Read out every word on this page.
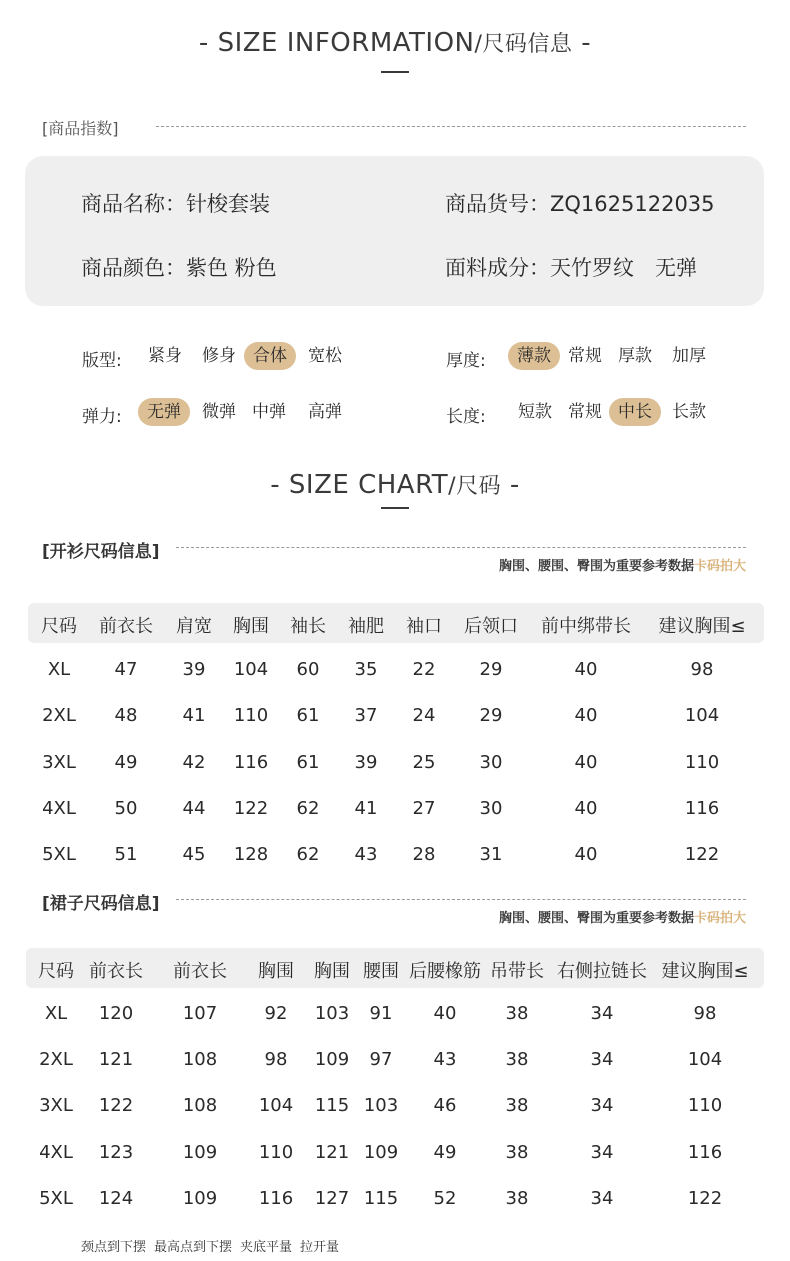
- SIZE INFORMATION/尺码信息 -
[商品指数]
商品名称：针梭套装	商品货号：ZQ1625122035
商品颜色：紫色 粉色	面料成分：天竹罗纹　无弹
版型:	紧身	修身	合体	宽松	厚度:	薄款	常规 厚款	加厚
弹力:	无弹	微弹 中弹	高弹	长度:	短款 常规 中长	长款
- SIZE CHART/尺码 -
[开衫尺码信息]
胸围、腰围、臀围为重要参考数据卡码拍大
尺码 前衣长 肩宽 胸围 袖长 袖肥 袖口 后领口 前中绑带长 建议胸围≤
XL 47	39 104 60 35 22 29	40	98
2XL 48	41 110 61 37 24 29	40	104
3XL 49	42 116 61 39 25 30	40	110
4XL 50	44 122 62 41 27 30	40	116
5XL 51	45 128 62 43 28 31	40	122
[裙子尺码信息]
胸围、腰围、臀围为重要参考数据卡码拍大
尺码 前衣长 前衣长 胸围 胸围 腰围 后腰橡筋 吊带长 右侧拉链长 建议胸围≤
XL 120	107	92 103 91 40	38	34	98
2XL 121	108	98 109 97 43	38	34	104
3XL 122	108 104 115 103 46	38	34	110
4XL 123	109 110 121 109 49	38	34	116
5XL 124	109 116 127 115 52	38	34	122
颈点到下摆 最高点到下摆 夹底平量 拉开量
